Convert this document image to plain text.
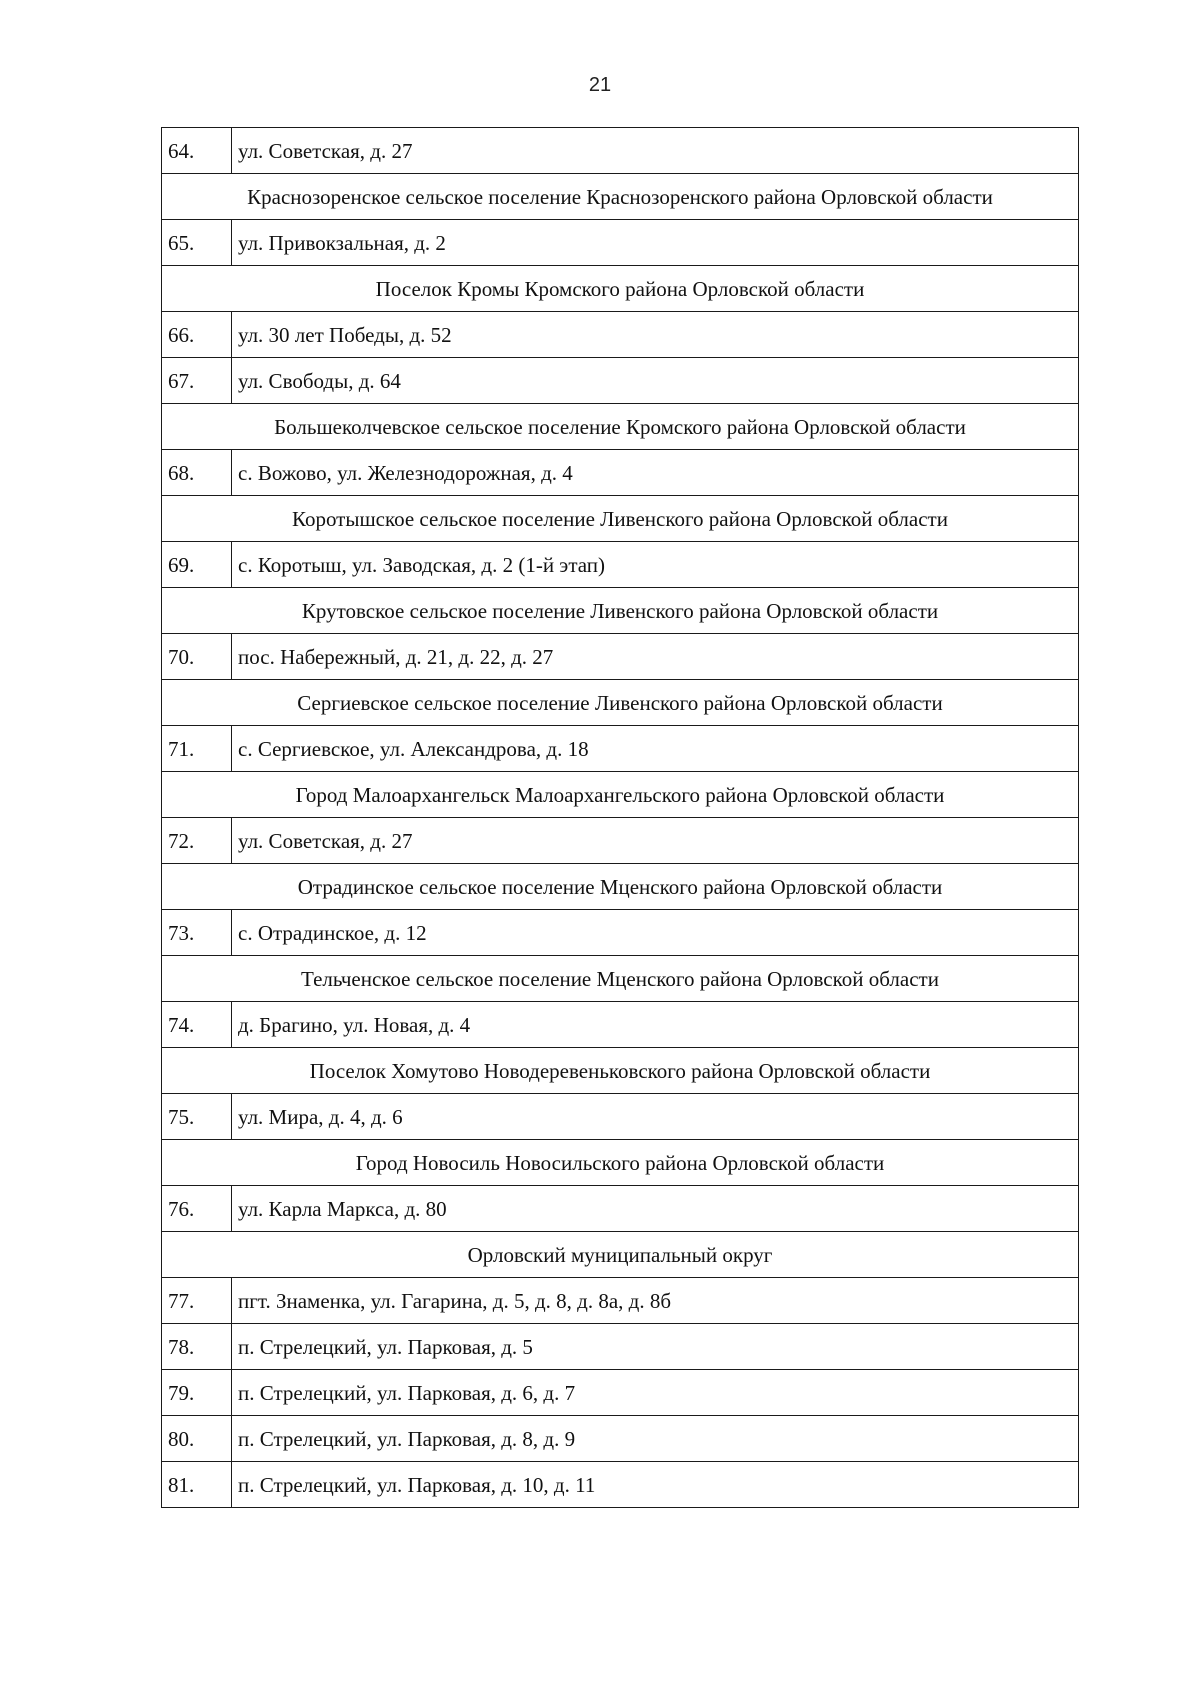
21
64.	ул. Советская, д. 27
Краснозоренское сельское поселение Краснозоренского района Орловской области	
65.	ул. Привокзальная, д. 2
Поселок Кромы Кромского района Орловской области	
66.	ул. 30 лет Победы, д. 52
67.	ул. Свободы, д. 64
Большеколчевское сельское поселение Кромского района Орловской области	
68.	с. Вожово, ул. Железнодорожная, д. 4
Коротышское сельское поселение Ливенского района Орловской области	
69.	с. Коротыш, ул. Заводская, д. 2 (1-й этап)
Крутовское сельское поселение Ливенского района Орловской области	
70.	пос. Набережный, д. 21, д. 22, д. 27
Сергиевское сельское поселение Ливенского района Орловской области	
71.	с. Сергиевское, ул. Александрова, д. 18
Город Малоархангельск Малоархангельского района Орловской области	
72.	ул. Советская, д. 27
Отрадинское сельское поселение Мценского района Орловской области	
73.	с. Отрадинское, д. 12
Тельченское сельское поселение Мценского района Орловской области	
74.	д. Брагино, ул. Новая, д. 4
Поселок Хомутово Новодеревеньковского района Орловской области	
75.	ул. Мира, д. 4, д. 6
Город Новосиль Новосильского района Орловской области	
76.	ул. Карла Маркса, д. 80
Орловский муниципальный округ	
77.	пгт. Знаменка, ул. Гагарина, д. 5, д. 8, д. 8а, д. 8б
78.	п. Стрелецкий, ул. Парковая, д. 5
79.	п. Стрелецкий, ул. Парковая, д. 6, д. 7
80.	п. Стрелецкий, ул. Парковая, д. 8, д. 9
81.	п. Стрелецкий, ул. Парковая, д. 10, д. 11
